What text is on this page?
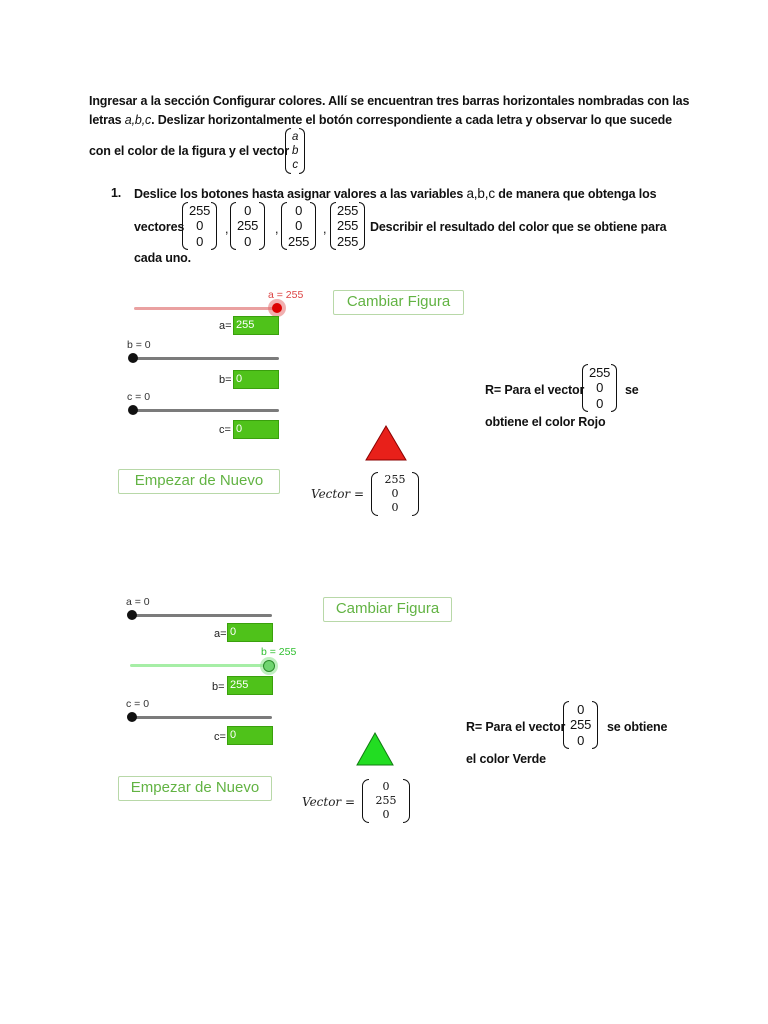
Ingresar a la sección Configurar colores. Allí se encuentran tres barras horizontales nombradas con las
letras a,b,c. Deslizar horizontalmente el botón correspondiente a cada letra y observar lo que sucede
con el color de la figura y el vector
a
b
c
1. Deslice los botones hasta asignar valores a las variables a,b,c de manera que obtenga los
vectores
255
0
0
,
0
255
0
,
0
0
255
,
255
255
255
Describir el resultado del color que se obtiene para
cada uno.
a = 255
a= 255
b = 0
b= 0
c = 0
c= 0
Cambiar Figura
Empezar de Nuevo
Vector =
255
0
0
R= Para el vector
255
0
0
se
obtiene el color Rojo
a = 0
a= 0
b = 255
b= 255
c = 0
c= 0
Cambiar Figura
Empezar de Nuevo
Vector =
0
255
0
R= Para el vector
0
255
0
se obtiene
el color Verde
